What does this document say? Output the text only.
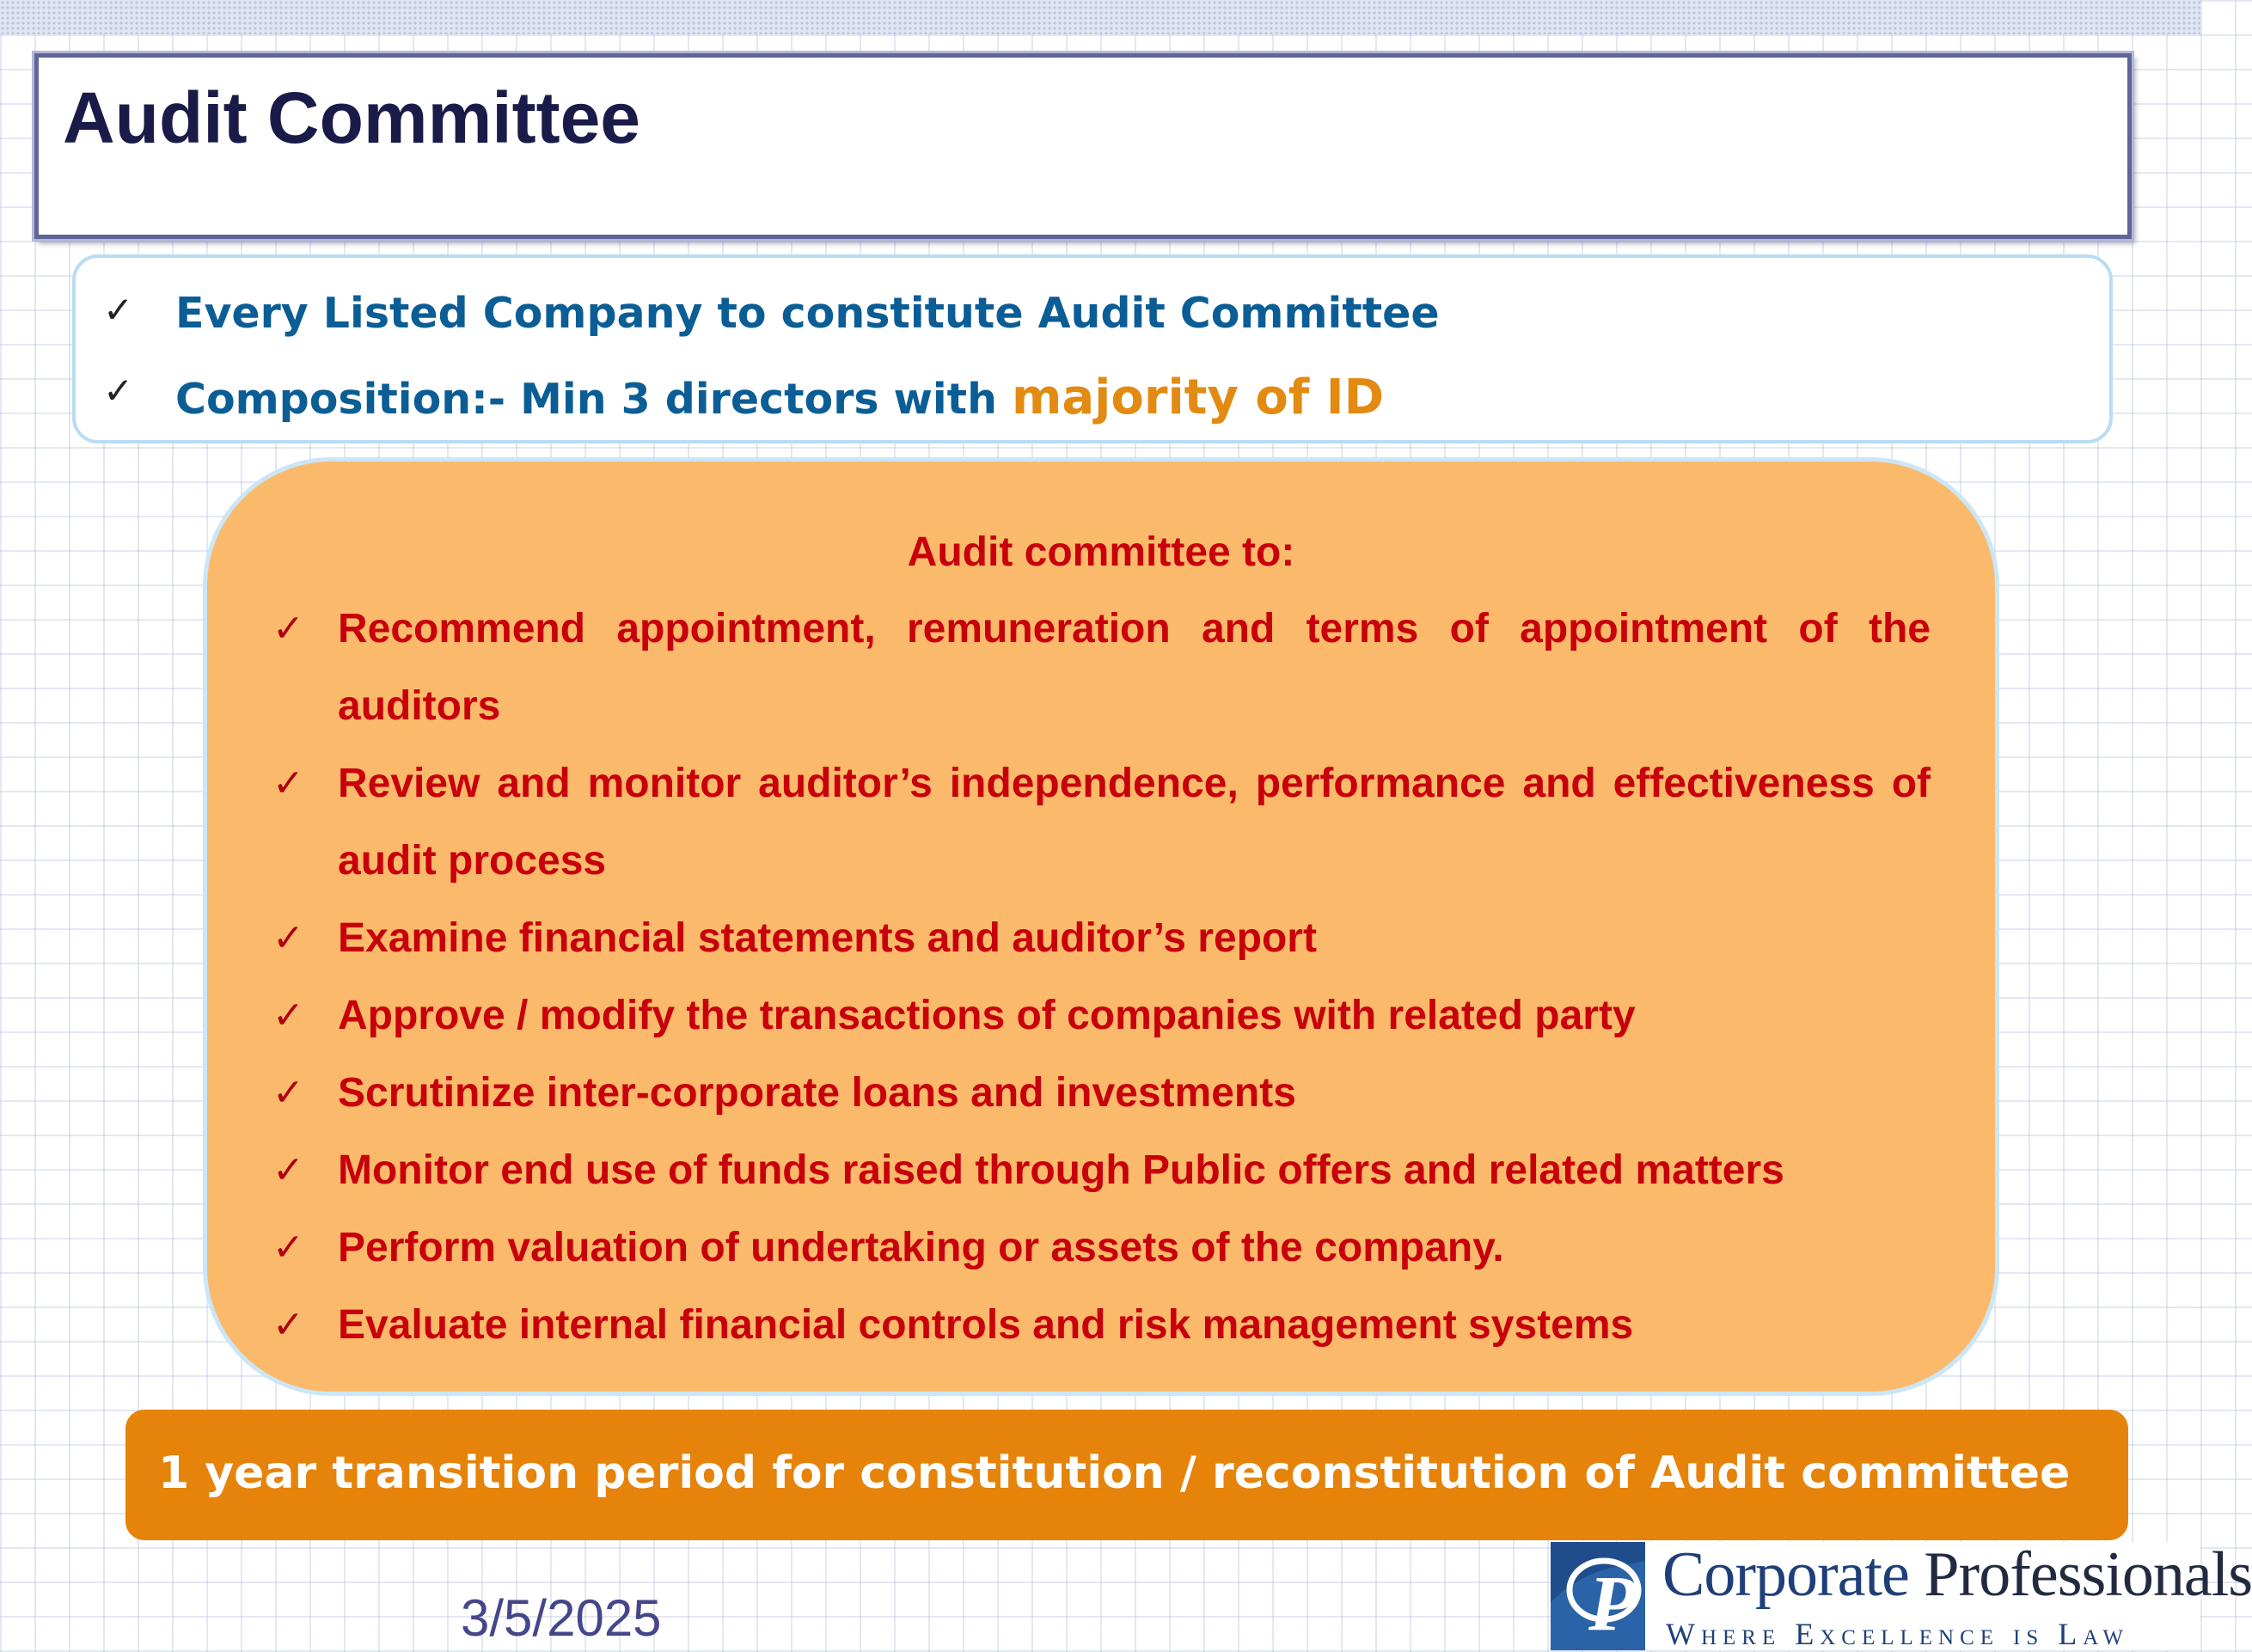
Audit Committee
✓ Every Listed Company to constitute Audit Committee
✓ Composition:- Min 3 directors with majority of ID
Audit committee to:
✓ Recommend appointment, remuneration and terms of appointment of the auditors
✓ Review and monitor auditor’s independence, performance and effectiveness of audit process
✓ Examine financial statements and auditor’s report
✓ Approve / modify the transactions of companies with related party
✓ Scrutinize inter-corporate loans and investments
✓ Monitor end use of funds raised through Public offers and related matters
✓ Perform valuation of undertaking or assets of the company.
✓ Evaluate internal financial controls and risk management systems
1 year transition period for constitution / reconstitution of Audit committee
3/5/2025	P Corporate Professionals
Where Excellence is Law
